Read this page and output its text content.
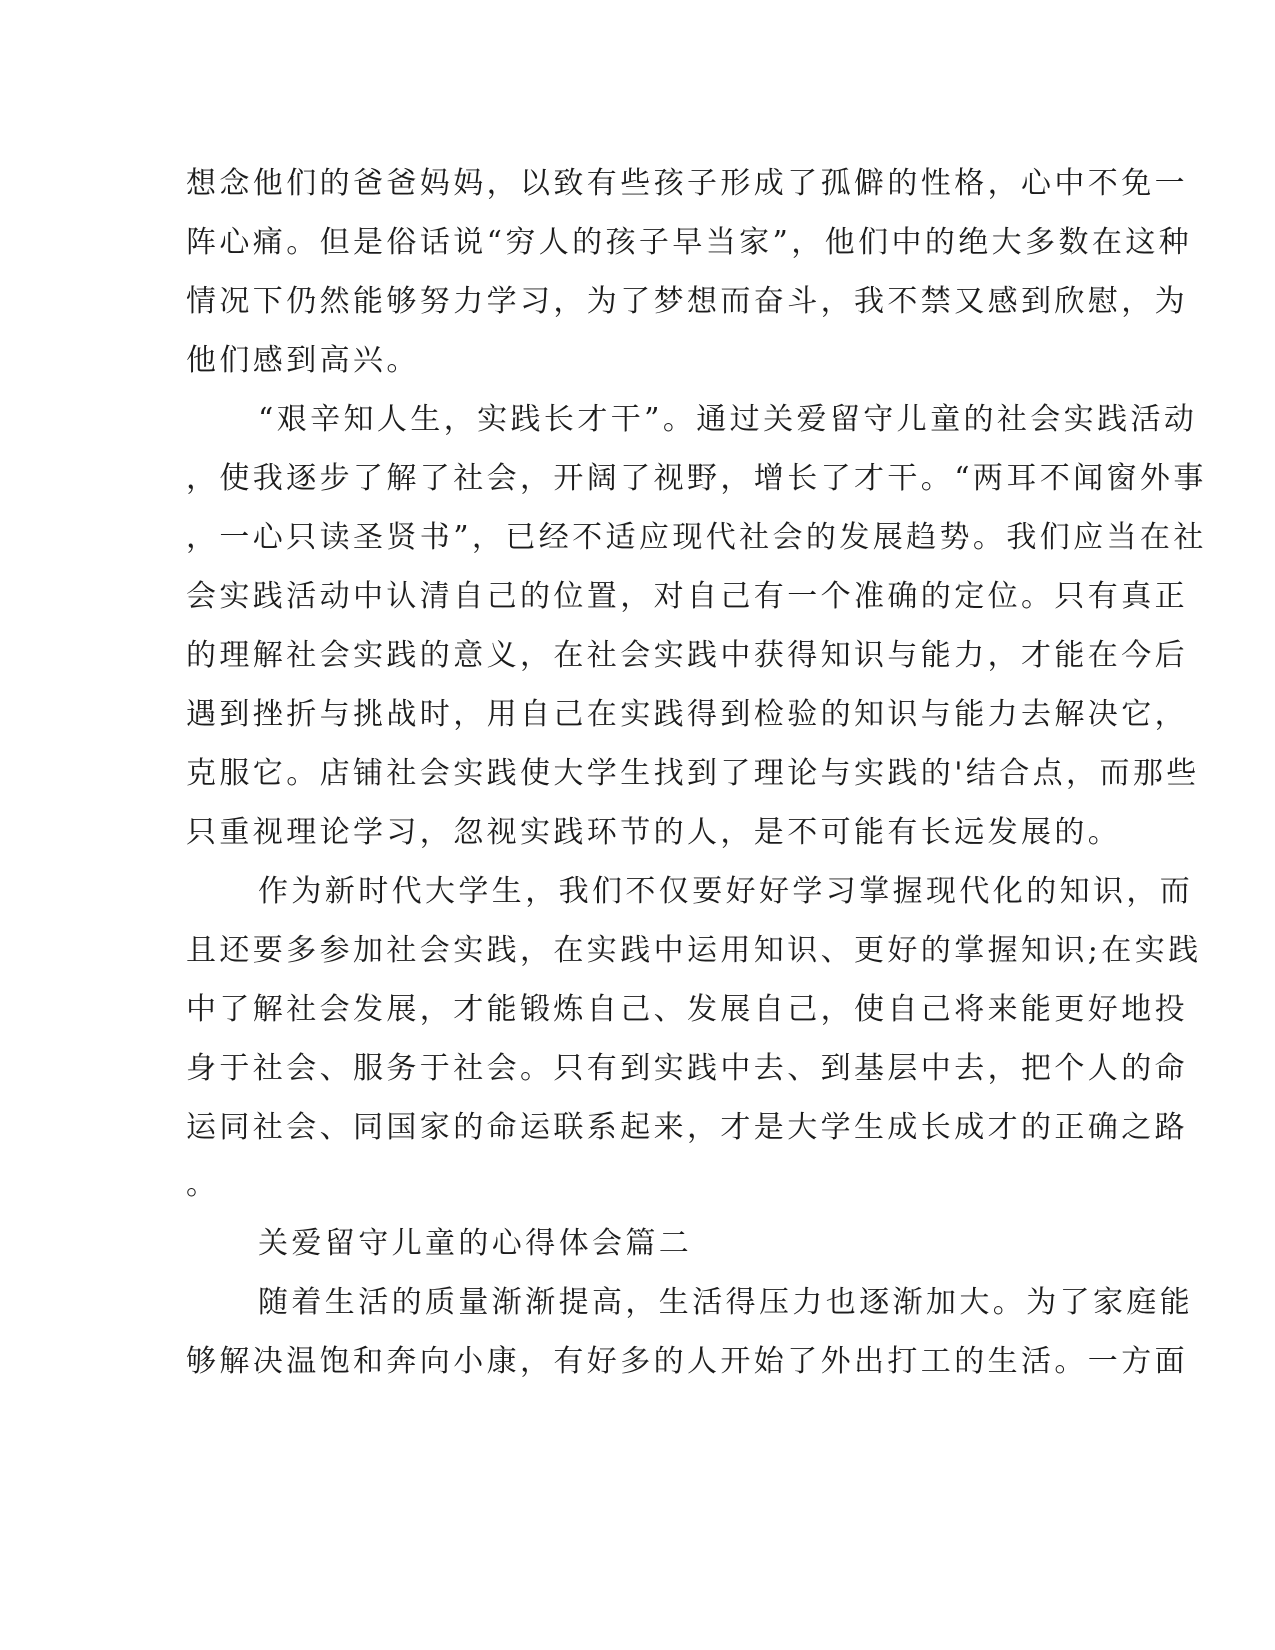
想念他们的爸爸妈妈，以致有些孩子形成了孤僻的性格，心中不免一
阵心痛。但是俗话说“穷人的孩子早当家”，他们中的绝大多数在这种
情况下仍然能够努力学习，为了梦想而奋斗，我不禁又感到欣慰，为
他们感到高兴。
“艰辛知人生，实践长才干”。通过关爱留守儿童的社会实践活动
，使我逐步了解了社会，开阔了视野，增长了才干。“两耳不闻窗外事
，一心只读圣贤书”，已经不适应现代社会的发展趋势。我们应当在社
会实践活动中认清自己的位置，对自己有一个准确的定位。只有真正
的理解社会实践的意义，在社会实践中获得知识与能力，才能在今后
遇到挫折与挑战时，用自己在实践得到检验的知识与能力去解决它，
克服它。店铺社会实践使大学生找到了理论与实践的'结合点，而那些
只重视理论学习，忽视实践环节的人，是不可能有长远发展的。
作为新时代大学生，我们不仅要好好学习掌握现代化的知识，而
且还要多参加社会实践，在实践中运用知识、更好的掌握知识;在实践
中了解社会发展，才能锻炼自己、发展自己，使自己将来能更好地投
身于社会、服务于社会。只有到实践中去、到基层中去，把个人的命
运同社会、同国家的命运联系起来，才是大学生成长成才的正确之路
。
关爱留守儿童的心得体会篇二
随着生活的质量渐渐提高，生活得压力也逐渐加大。为了家庭能
够解决温饱和奔向小康，有好多的人开始了外出打工的生活。一方面
